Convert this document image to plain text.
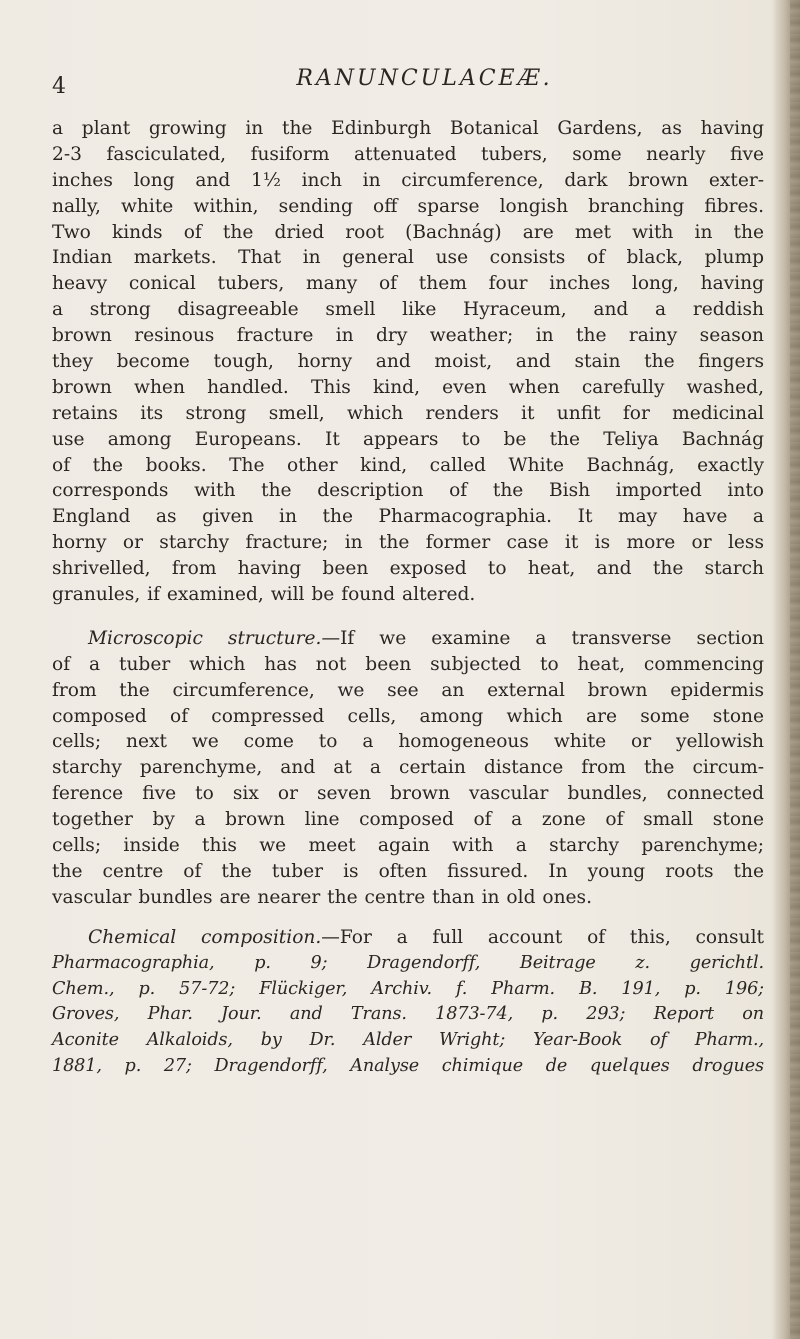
4	RANUNCULACEÆ.
a plant growing in the Edinburgh Botanical Gardens, as having
2-3 fasciculated, fusiform attenuated tubers, some nearly five
inches long and 1½ inch in circumference, dark brown exter-
nally, white within, sending off sparse longish branching fibres.
Two kinds of the dried root (Bachnág) are met with in the
Indian markets. That in general use consists of black, plump
heavy conical tubers, many of them four inches long, having
a strong disagreeable smell like Hyraceum, and a reddish
brown resinous fracture in dry weather; in the rainy season
they become tough, horny and moist, and stain the fingers
brown when handled. This kind, even when carefully washed,
retains its strong smell, which renders it unfit for medicinal
use among Europeans. It appears to be the Teliya Bachnág
of the books. The other kind, called White Bachnág, exactly
corresponds with the description of the Bish imported into
England as given in the Pharmacographia. It may have a
horny or starchy fracture; in the former case it is more or less
shrivelled, from having been exposed to heat, and the starch
granules, if examined, will be found altered.
Microscopic structure.—If we examine a transverse section
of a tuber which has not been subjected to heat, commencing
from the circumference, we see an external brown epidermis
composed of compressed cells, among which are some stone
cells; next we come to a homogeneous white or yellowish
starchy parenchyme, and at a certain distance from the circum-
ference five to six or seven brown vascular bundles, connected
together by a brown line composed of a zone of small stone
cells; inside this we meet again with a starchy parenchyme;
the centre of the tuber is often fissured. In young roots the
vascular bundles are nearer the centre than in old ones.
Chemical composition.—For a full account of this, consult
Pharmacographia, p. 9; Dragendorff, Beitrage z. gerichtl.
Chem., p. 57-72; Flückiger, Archiv. f. Pharm. B. 191, p. 196;
Groves, Phar. Jour. and Trans. 1873-74, p. 293; Report on
Aconite Alkaloids, by Dr. Alder Wright; Year-Book of Pharm.,
1881, p. 27; Dragendorff, Analyse chimique de quelques drogues
